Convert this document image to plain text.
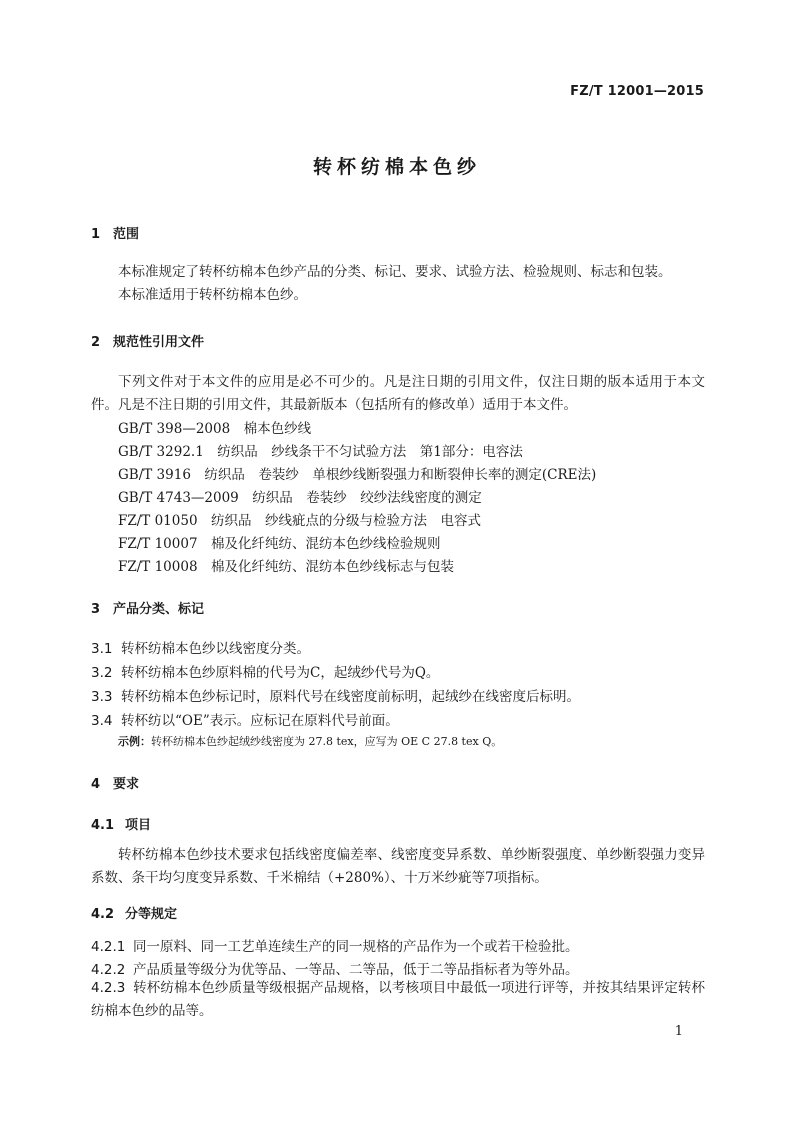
FZ/T 12001—2015
转杯纺棉本色纱
1 范围
本标准规定了转杯纺棉本色纱产品的分类、标记、要求、试验方法、检验规则、标志和包装。
本标准适用于转杯纺棉本色纱。
2 规范性引用文件
下列文件对于本文件的应用是必不可少的。凡是注日期的引用文件，仅注日期的版本适用于本文件。凡是不注日期的引用文件，其最新版本（包括所有的修改单）适用于本文件。
GB/T 398—2008　棉本色纱线
GB/T 3292.1　纺织品　纱线条干不匀试验方法　第1部分：电容法
GB/T 3916　纺织品　卷装纱　单根纱线断裂强力和断裂伸长率的测定(CRE法)
GB/T 4743—2009　纺织品　卷装纱　绞纱法线密度的测定
FZ/T 01050　纺织品　纱线疵点的分级与检验方法　电容式
FZ/T 10007　棉及化纤纯纺、混纺本色纱线检验规则
FZ/T 10008　棉及化纤纯纺、混纺本色纱线标志与包装
3 产品分类、标记
3.1 转杯纺棉本色纱以线密度分类。
3.2 转杯纺棉本色纱原料棉的代号为C，起绒纱代号为Q。
3.3 转杯纺棉本色纱标记时，原料代号在线密度前标明，起绒纱在线密度后标明。
3.4 转杯纺以“OE”表示。应标记在原料代号前面。
示例：转杯纺棉本色纱起绒纱线密度为 27.8 tex，应写为 OE C 27.8 tex Q。
4 要求
4.1 项目
转杯纺棉本色纱技术要求包括线密度偏差率、线密度变异系数、单纱断裂强度、单纱断裂强力变异系数、条干均匀度变异系数、千米棉结（+280%）、十万米纱疵等7项指标。
4.2 分等规定
4.2.1 同一原料、同一工艺单连续生产的同一规格的产品作为一个或若干检验批。
4.2.2 产品质量等级分为优等品、一等品、二等品，低于二等品指标者为等外品。
4.2.3 转杯纺棉本色纱质量等级根据产品规格，以考核项目中最低一项进行评等，并按其结果评定转杯纺棉本色纱的品等。
1
